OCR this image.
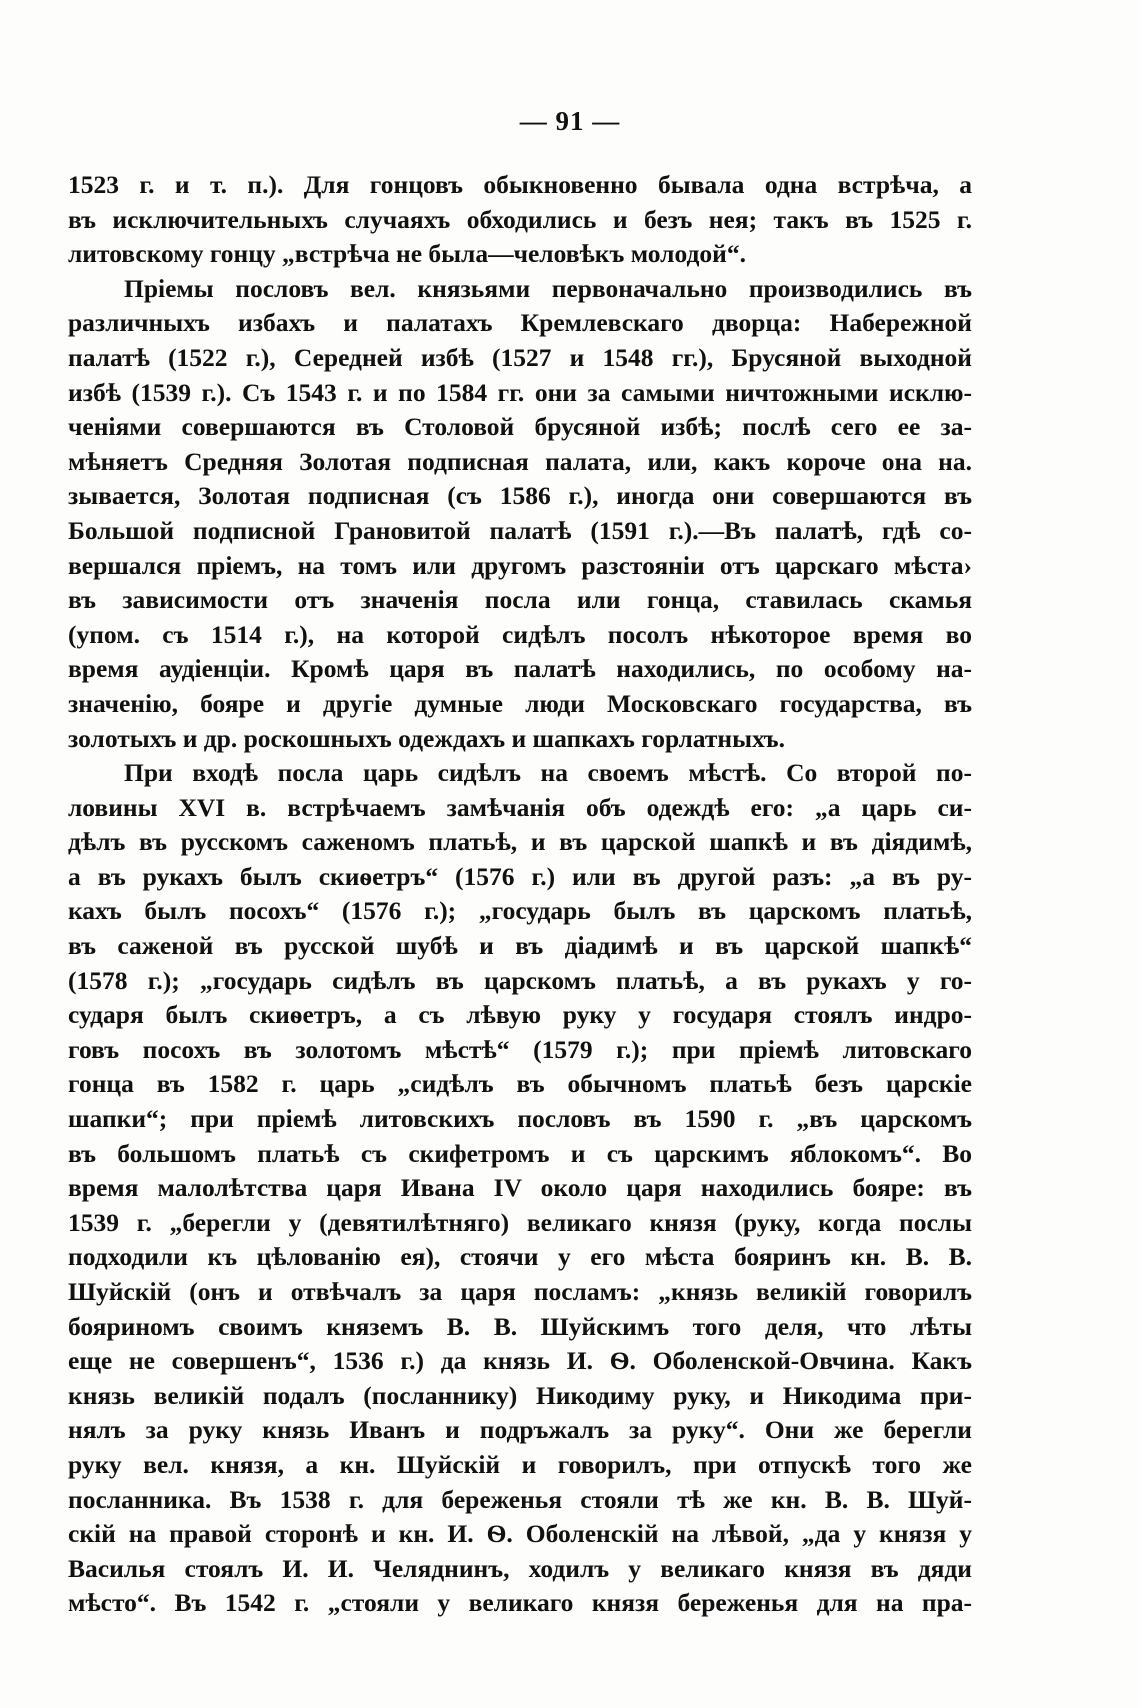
— 91 —
1523 г. и т. п.). Для гонцовъ обыкновенно бывала одна встрѣча, а
въ исключительныхъ случаяхъ обходились и безъ нея; такъ въ 1525 г.
литовскому гонцу „встрѣча не была—человѣкъ молодой“.
Пріемы пословъ вел. князьями первоначально производились въ
различныхъ избахъ и палатахъ Кремлевскаго дворца: Набережной
палатѣ (1522 г.), Середней избѣ (1527 и 1548 гг.), Брусяной выходной
избѣ (1539 г.). Съ 1543 г. и по 1584 гг. они за самыми ничтожными исклю-
ченіями совершаются въ Столовой брусяной избѣ; послѣ сего ее за-
мѣняетъ Средняя Золотая подписная палата, или, какъ короче она на.
зывается, Золотая подписная (съ 1586 г.), иногда они совершаются въ
Большой подписной Грановитой палатѣ (1591 г.).—Въ палатѣ, гдѣ со-
вершался пріемъ, на томъ или другомъ разстояніи отъ царскаго мѣста›
въ зависимости отъ значенія посла или гонца, ставилась скамья
(упом. съ 1514 г.), на которой сидѣлъ посолъ нѣкоторое время во
время аудіенціи. Кромѣ царя въ палатѣ находились, по особому на-
значенію, бояре и другіе думные люди Московскаго государства, въ
золотыхъ и др. роскошныхъ одеждахъ и шапкахъ горлатныхъ.
При входѣ посла царь сидѣлъ на своемъ мѣстѣ. Со второй по-
ловины XVI в. встрѣчаемъ замѣчанія объ одеждѣ его: „а царь си-
дѣлъ въ русскомъ саженомъ платьѣ, и въ царской шапкѣ и въ діядимѣ,
а въ рукахъ былъ скиѳетръ“ (1576 г.) или въ другой разъ: „а въ ру-
кахъ былъ посохъ“ (1576 г.); „государь былъ въ царскомъ платьѣ,
въ саженой въ русской шубѣ и въ діадимѣ и въ царской шапкѣ“
(1578 г.); „государь сидѣлъ въ царскомъ платьѣ, а въ рукахъ у го-
сударя былъ скиѳетръ, а съ лѣвую руку у государя стоялъ индро-
говъ посохъ въ золотомъ мѣстѣ“ (1579 г.); при пріемѣ литовскаго
гонца въ 1582 г. царь „сидѣлъ въ обычномъ платьѣ безъ царскіе
шапки“; при пріемѣ литовскихъ пословъ въ 1590 г. „въ царскомъ
въ большомъ платьѣ съ скифетромъ и съ царскимъ яблокомъ“. Во
время малолѣтства царя Ивана IV около царя находились бояре: въ
1539 г. „берегли у (девятилѣтняго) великаго князя (руку, когда послы
подходили къ цѣлованію ея), стоячи у его мѣста бояринъ кн. В. В.
Шуйскій (онъ и отвѣчалъ за царя посламъ: „князь великій говорилъ
бояриномъ своимъ княземъ В. В. Шуйскимъ того деля, что лѣты
еще не совершенъ“, 1536 г.) да князь И. Ѳ. Оболенской-Овчина. Какъ
князь великій подалъ (посланнику) Никодиму руку, и Никодима при-
нялъ за руку князь Иванъ и подръжалъ за руку“. Они же берегли
руку вел. князя, а кн. Шуйскій и говорилъ, при отпускѣ того же
посланника. Въ 1538 г. для береженья стояли тѣ же кн. В. В. Шуй-
скій на правой сторонѣ и кн. И. Ѳ. Оболенскій на лѣвой, „да у князя у
Василья стоялъ И. И. Челяднинъ, ходилъ у великаго князя въ дяди
мѣсто“. Въ 1542 г. „стояли у великаго князя береженья для на пра-
